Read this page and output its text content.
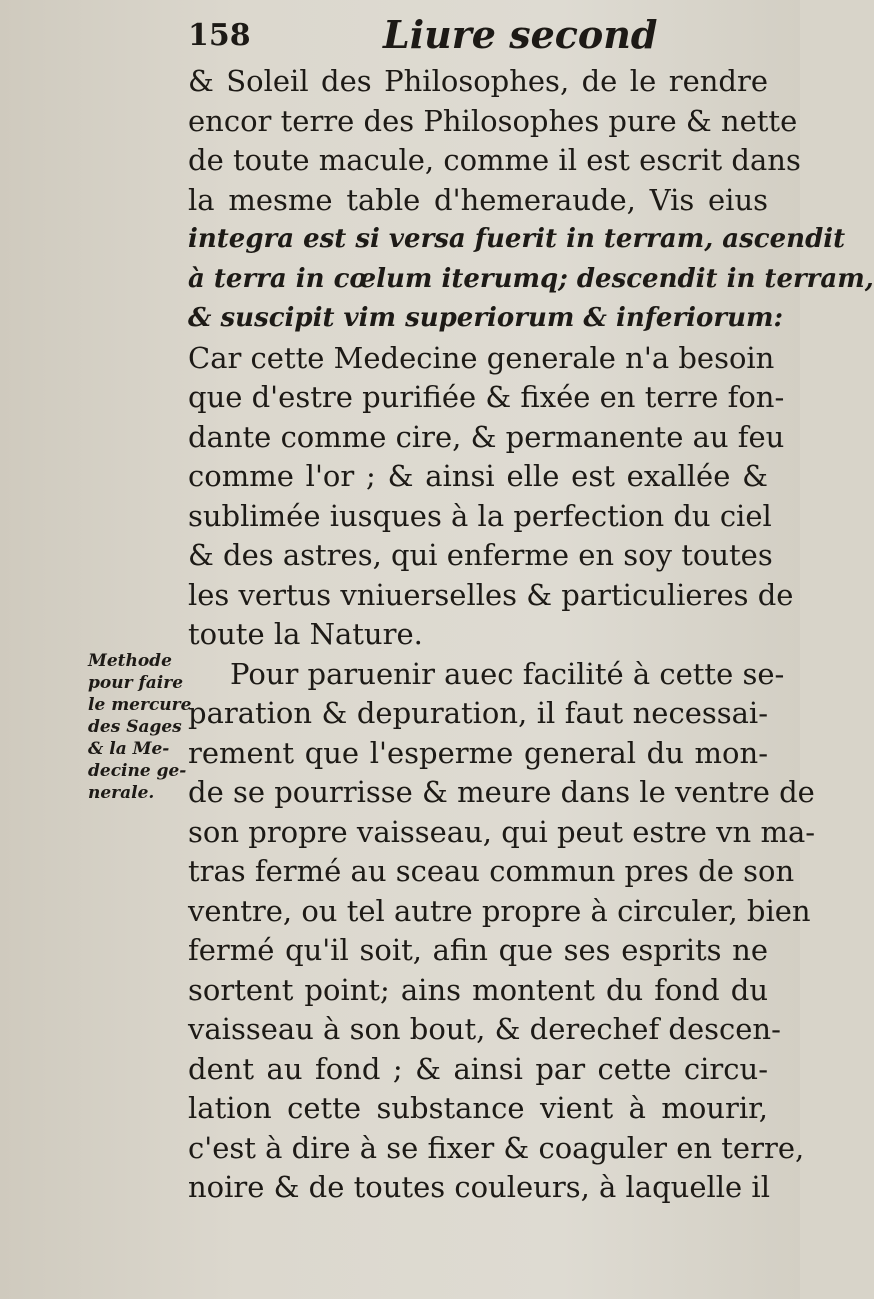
158	Liure second
& Soleil des Philosophes, de le rendre
encor terre des Philosophes pure & nette
de toute macule, comme il est escrit dans
la mesme table d'hemeraude, Vis eius
integra est si versa fuerit in terram, ascendit
à terra in cœlum iterumq; descendit in terram,
& suscipit vim superiorum & inferiorum:
Car cette Medecine generale n'a besoin
que d'estre purifiée & fixée en terre fon-
dante comme cire, & permanente au feu
comme l'or ; & ainsi elle est exallée &
sublimée iusques à la perfection du ciel
& des astres, qui enferme en soy toutes
les vertus vniuerselles & particulieres de
toute la Nature.
Pour paruenir auec facilité à cette se-
paration & depuration, il faut necessai-
rement que l'esperme general du mon-
de se pourrisse & meure dans le ventre de
son propre vaisseau, qui peut estre vn ma-
tras fermé au sceau commun pres de son
ventre, ou tel autre propre à circuler, bien
fermé qu'il soit, afin que ses esprits ne
sortent point; ains montent du fond du
vaisseau à son bout, & derechef descen-
dent au fond ; & ainsi par cette circu-
lation cette substance vient à mourir,
c'est à dire à se fixer & coaguler en terre,
noire & de toutes couleurs, à laquelle il
Methode
pour faire
le mercure
des Sages
& la Me-
decine ge-
nerale.
